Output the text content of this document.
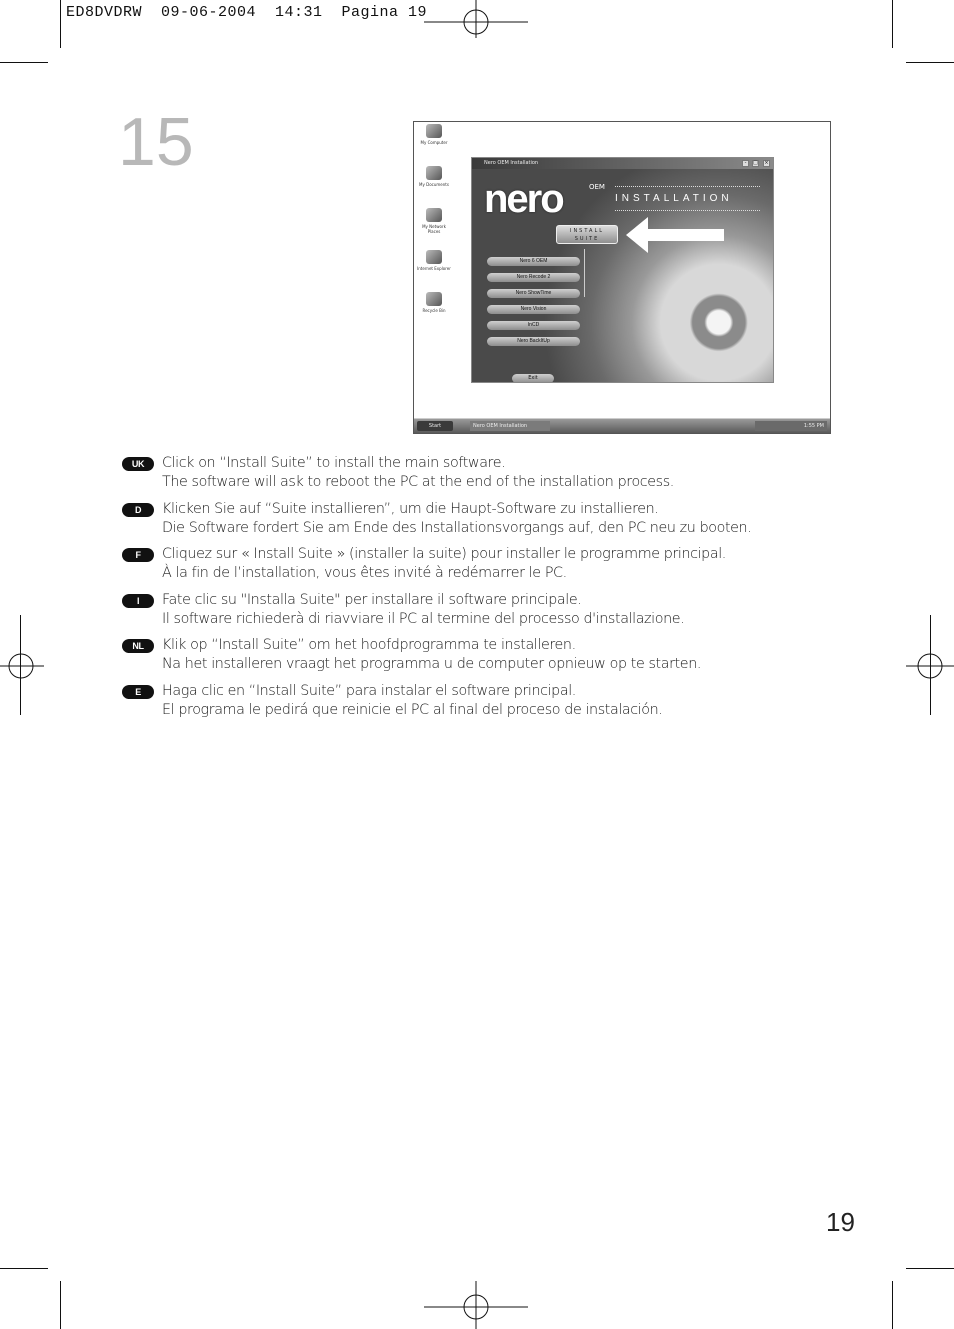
ED8DVDRW  09-06-2004  14:31  Pagina 19
15	My Computer
My Documents
My Network Places
Internet Explorer
Recycle Bin
Nero OEM Installation	-	□ ×
nero	OEM
INSTALLATION
INSTALL SUITE
Nero 6 OEM
Nero Recode 2
Nero ShowTime
Nero Vision
InCD
Nero BackItUp
Exit
Start	Nero OEM Installation	1:55 PM
UK	Click on “Install Suite” to install the main software.
The software will ask to reboot the PC at the end of the installation process.
D	Klicken Sie auf “Suite installieren”, um die Haupt-Software zu installieren.
Die Software fordert Sie am Ende des Installationsvorgangs auf, den PC neu zu booten.
F	Cliquez sur « Install Suite » (installer la suite) pour installer le programme principal.
À la fin de l’installation, vous êtes invité à redémarrer le PC.
I	Fate clic su "Installa Suite" per installare il software principale.
Il software richiederà di riavviare il PC al termine del processo d'installazione.
NL	Klik op “Install Suite” om het hoofdprogramma te installeren.
Na het installeren vraagt het programma u de computer opnieuw op te starten.
E	Haga clic en “Install Suite” para instalar el software principal.
El programa le pedirá que reinicie el PC al final del proceso de instalación.
19
